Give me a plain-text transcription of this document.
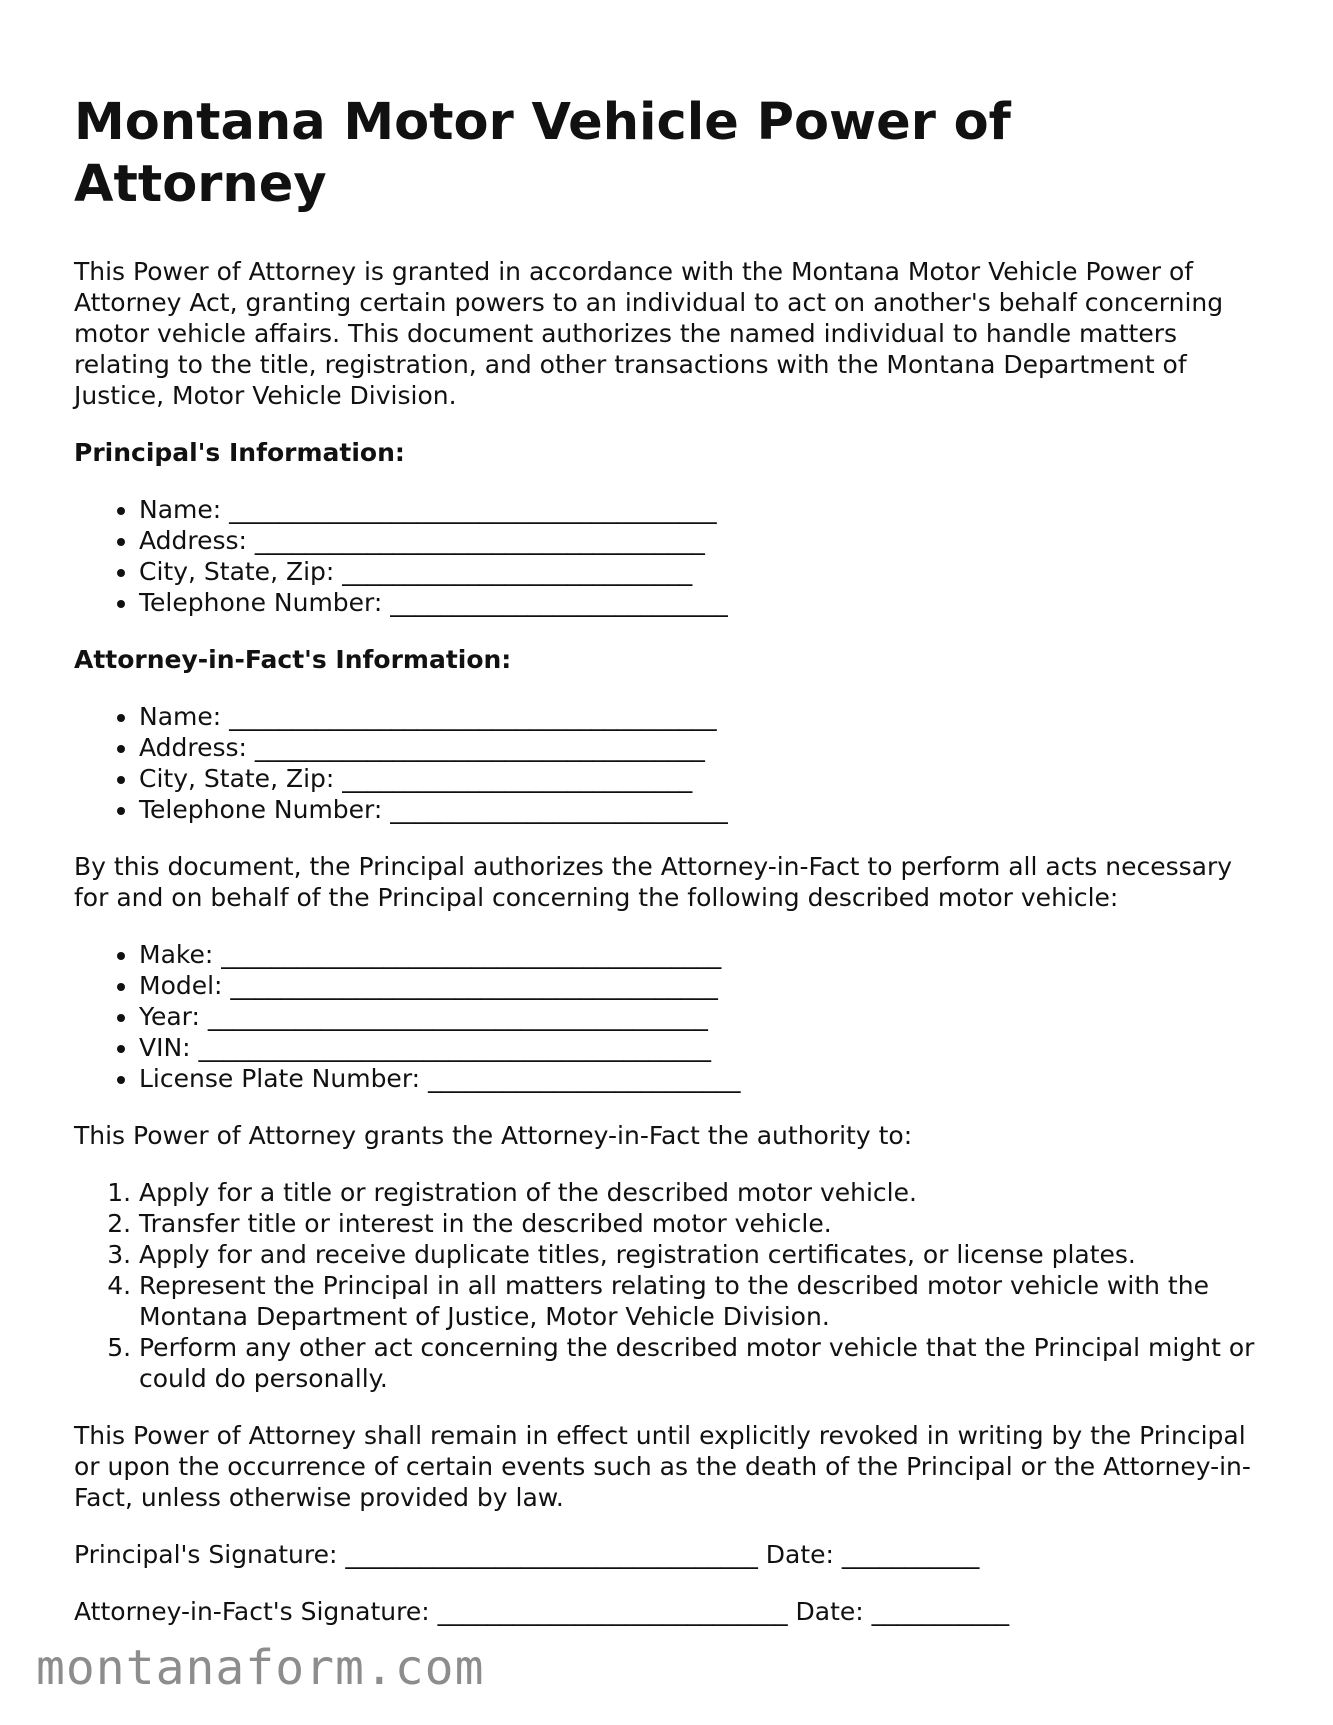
Montana Motor Vehicle Power of Attorney

This Power of Attorney is granted in accordance with the Montana Motor Vehicle Power of Attorney Act, granting certain powers to an individual to act on another's behalf concerning motor vehicle affairs. This document authorizes the named individual to handle matters relating to the title, registration, and other transactions with the Montana Department of Justice, Motor Vehicle Division.

Principal's Information:

• Name: _______________________________________
• Address: ____________________________________
• City, State, Zip: ____________________________
• Telephone Number: ___________________________

Attorney-in-Fact's Information:

• Name: _______________________________________
• Address: ____________________________________
• City, State, Zip: ____________________________
• Telephone Number: ___________________________

By this document, the Principal authorizes the Attorney-in-Fact to perform all acts necessary for and on behalf of the Principal concerning the following described motor vehicle:

• Make: ________________________________________
• Model: _______________________________________
• Year: ________________________________________
• VIN: _________________________________________
• License Plate Number: _________________________

This Power of Attorney grants the Attorney-in-Fact the authority to:

1. Apply for a title or registration of the described motor vehicle.
2. Transfer title or interest in the described motor vehicle.
3. Apply for and receive duplicate titles, registration certificates, or license plates.
4. Represent the Principal in all matters relating to the described motor vehicle with the Montana Department of Justice, Motor Vehicle Division.
5. Perform any other act concerning the described motor vehicle that the Principal might or could do personally.

This Power of Attorney shall remain in effect until explicitly revoked in writing by the Principal or upon the occurrence of certain events such as the death of the Principal or the Attorney-in-Fact, unless otherwise provided by law.

Principal's Signature: _________________________________ Date: ___________
Attorney-in-Fact's Signature: ____________________________ Date: ___________
montanaform.com
